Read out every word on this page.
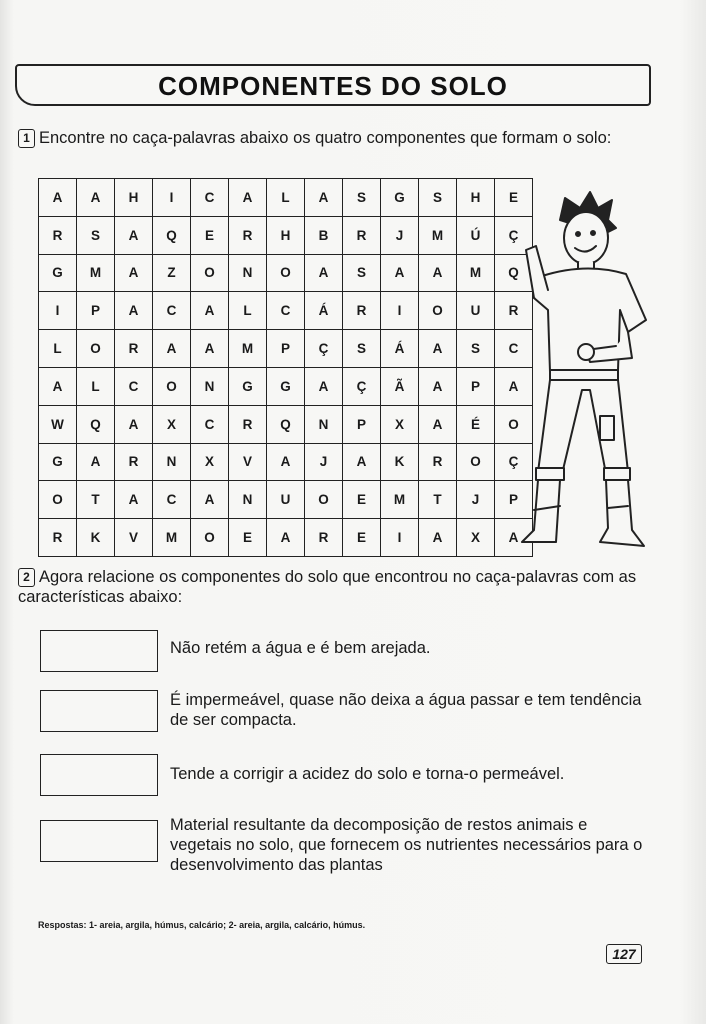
COMPONENTES DO SOLO
1 Encontre no caça-palavras abaixo os quatro componentes que formam o solo:
A	A	H	I	C	A	L	A	S	G	S	H	E
R	S	A	Q	E	R	H	B	R	J	M	Ú	Ç
G	M	A	Z	O	N	O	A	S	A	A	M	Q
I	P	A	C	A	L	C	Á	R	I	O	U	R
L	O	R	A	A	M	P	Ç	S	Á	A	S	C
A	L	C	O	N	G	G	A	Ç	Ã	A	P	A
W	Q	A	X	C	R	Q	N	P	X	A	É	O
G	A	R	N	X	V	A	J	A	K	R	O	Ç
O	T	A	C	A	N	U	O	E	M	T	J	P
R	K	V	M	O	E	A	R	E	I	A	X	A
2 Agora relacione os componentes do solo que encontrou no caça-palavras com as características abaixo:
Não retém a água e é bem arejada.
É impermeável, quase não deixa a água passar e tem tendência de ser compacta.
Tende a corrigir a acidez do solo e torna-o permeável.
Material resultante da decomposição de restos animais e vegetais no solo, que fornecem os nutrientes necessários para o desenvolvimento das plantas
Respostas: 1- areia, argila, húmus, calcário; 2- areia, argila, calcário, húmus.
127
